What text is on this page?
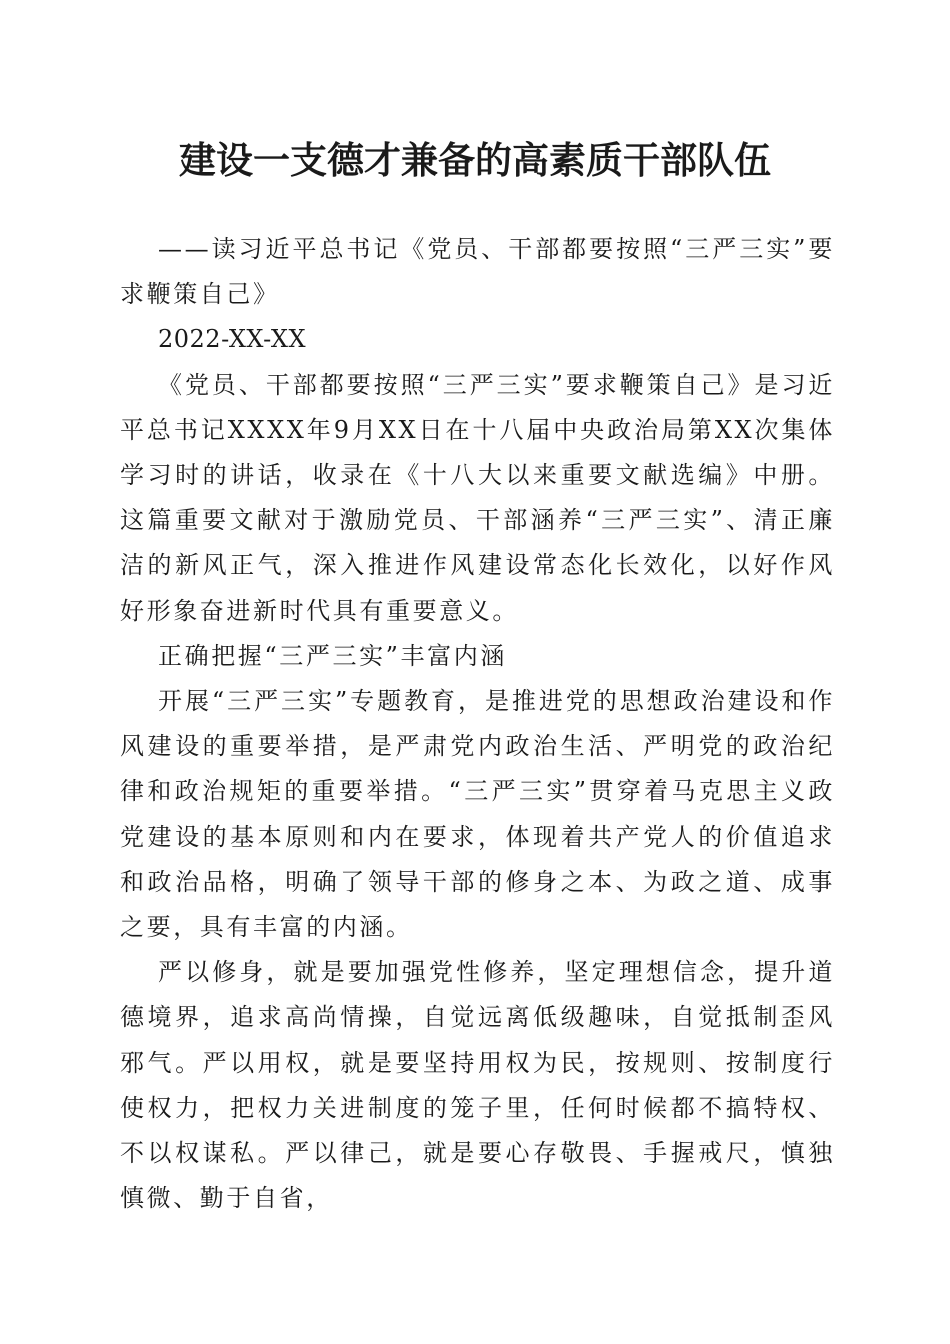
建设一支德才兼备的高素质干部队伍

——读习近平总书记《党员、干部都要按照“三严三实”要求鞭策自己》

2022-XX-XX

《党员、干部都要按照“三严三实”要求鞭策自己》是习近平总书记XXXX年9月XX日在十八届中央政治局第XX次集体学习时的讲话，收录在《十八大以来重要文献选编》中册。这篇重要文献对于激励党员、干部涵养“三严三实”、清正廉洁的新风正气，深入推进作风建设常态化长效化，以好作风好形象奋进新时代具有重要意义。

正确把握“三严三实”丰富内涵

开展“三严三实”专题教育，是推进党的思想政治建设和作风建设的重要举措，是严肃党内政治生活、严明党的政治纪律和政治规矩的重要举措。“三严三实”贯穿着马克思主义政党建设的基本原则和内在要求，体现着共产党人的价值追求和政治品格，明确了领导干部的修身之本、为政之道、成事之要，具有丰富的内涵。

严以修身，就是要加强党性修养，坚定理想信念，提升道德境界，追求高尚情操，自觉远离低级趣味，自觉抵制歪风邪气。严以用权，就是要坚持用权为民，按规则、按制度行使权力，把权力关进制度的笼子里，任何时候都不搞特权、不以权谋私。严以律己，就是要心存敬畏、手握戒尺，慎独慎微、勤于自省，
